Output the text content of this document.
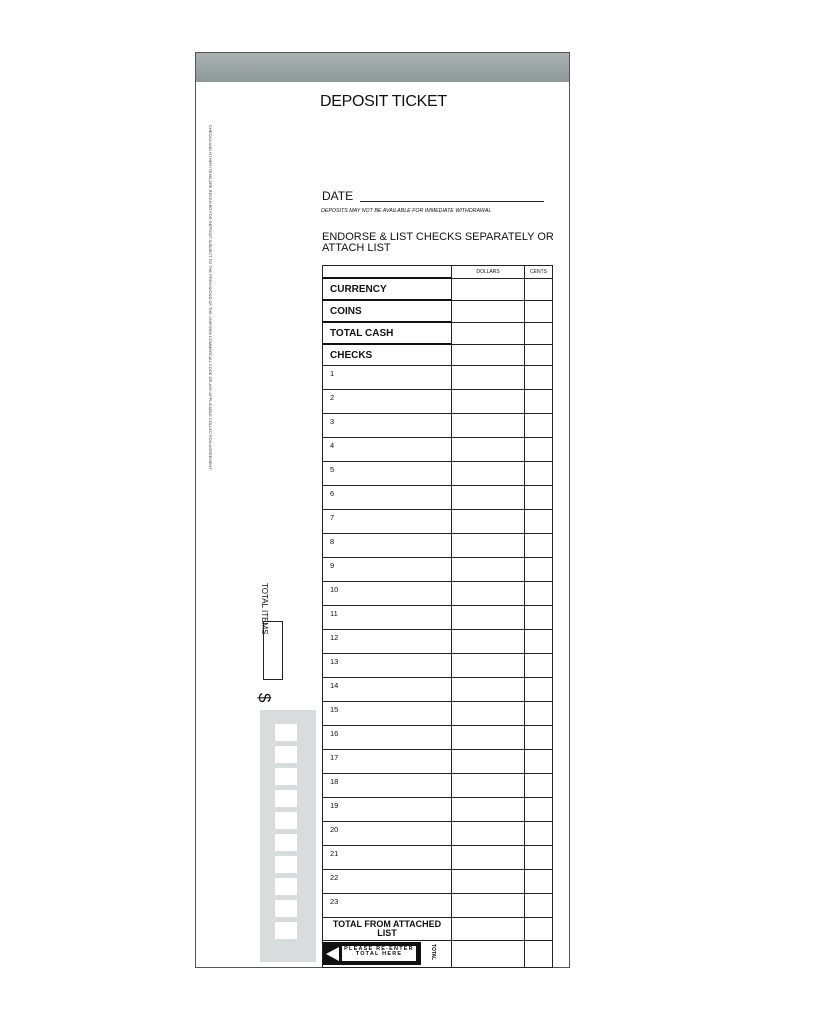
DEPOSIT TICKET
CHECKS AND OTHER ITEMS ARE RECEIVED FOR DEPOSIT SUBJECT TO THE PROVISIONS OF THE UNIFORM COMMERCIAL CODE OR ANY APPLICABLE COLLECTION AGREEMENT	DATE
DEPOSITS MAY NOT BE AVAILABLE FOR IMMEDIATE WITHDRAWAL
ENDORSE & LIST CHECKS SEPARATELY OR ATTACH LIST
	DOLLARS	CENTS
CURRENCY		
COINS		
TOTAL CASH		
CHECKS		
1		
2		
3		
4		
5		
6		
7		
8		
9		
10		
11		
12		
13		
14		
15		
16		
17		
18		
19		
20		
21		
22		
23		
TOTAL FROM ATTACHED LIST		

PLEASE RE-ENTER TOTAL HERE TOTAL		

TOTAL ITEMS
$
